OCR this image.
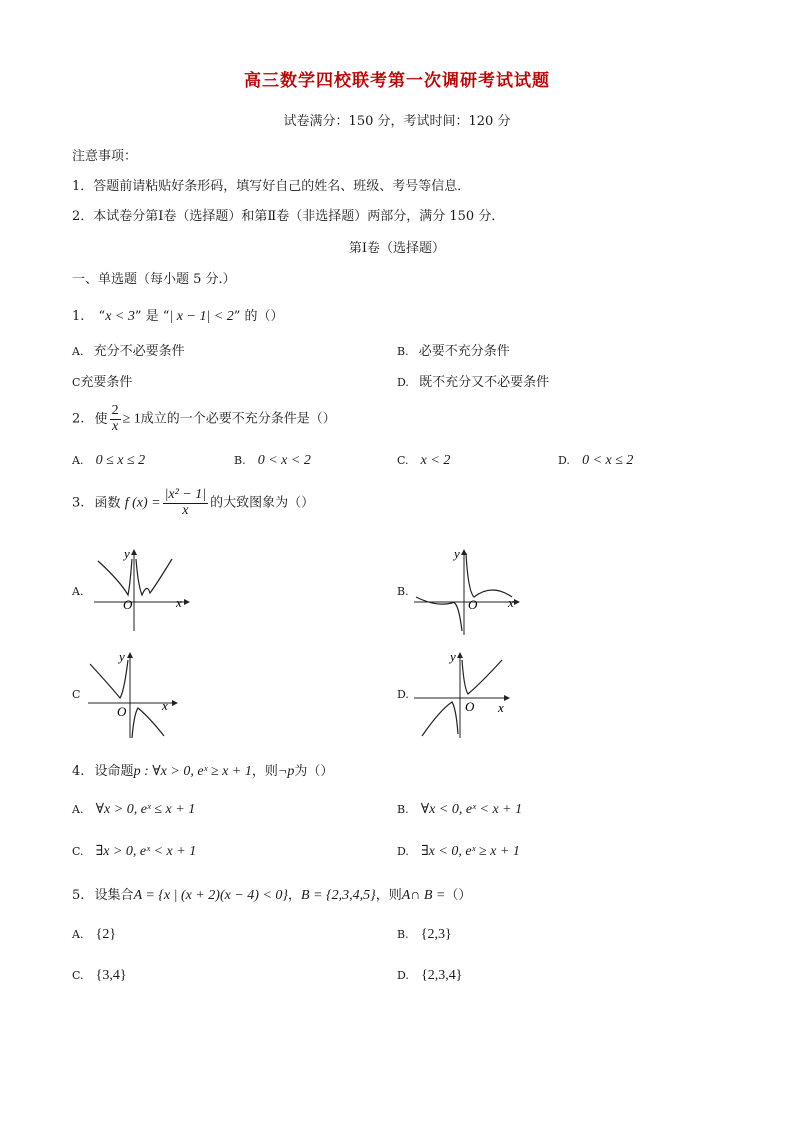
高三数学四校联考第一次调研考试试题
试卷满分：150 分，考试时间：120 分
注意事项：
1．答题前请粘贴好条形码，填写好自己的姓名、班级、考号等信息．
2．本试卷分第Ⅰ卷（选择题）和第Ⅱ卷（非选择题）两部分，满分 150 分．
第Ⅰ卷（选择题）
一、单选题（每小题 5 分.）
1. “x < 3” 是 “| x − 1| < 2” 的（）
A. 充分不必要条件	B. 必要不充分条件
C充要条件	D. 既不充分又不必要条件
2. 使 $\frac{2}{x} \ge 1$成立的一个必要不充分条件是（）
A. 0 ≤ x ≤ 2	B. 0 < x < 2	C. x < 2	D. 0 < x ≤ 2
3. 函数 f $(x) = \frac{\text{|x² − 1|}}{x}$ 的大致图象为（）
A.
x
y
O
B.
x
y
O
C
x
y
O
D.
x
y
O
4. 设命题p : ∀x > 0, eˣ ≥ x + 1，则¬p为（）
A. ∀x > 0, eˣ ≤ x + 1	B. ∀x < 0, eˣ < x + 1
C. ∃x > 0, eˣ < x + 1	D. ∃x < 0, eˣ ≥ x + 1
5. 设集合A = {x | (x + 2)(x − 4) < 0}，B = {2,3,4,5}，则A∩ B =（）
A. {2}	B. {2,3}
C. {3,4}	D. {2,3,4}
